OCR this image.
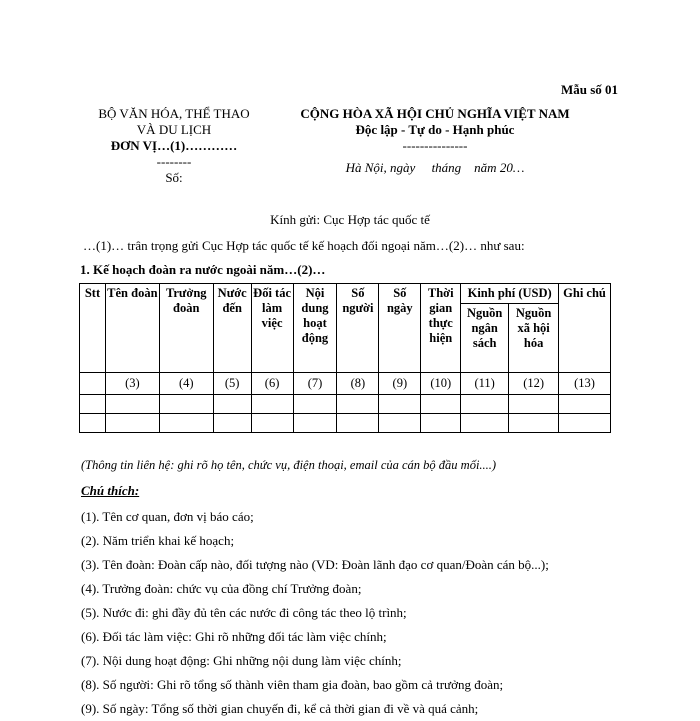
Mẫu số 01
BỘ VĂN HÓA, THỂ THAO
VÀ DU LỊCH
ĐƠN VỊ…(1)…………
--------
Số:
CỘNG HÒA XÃ HỘI CHỦ NGHĨA VIỆT NAM
Độc lập - Tự do - Hạnh phúc
---------------
Hà Nội, ngày     tháng    năm 20…
Kính gửi: Cục Hợp tác quốc tế
…(1)… trân trọng gửi Cục Hợp tác quốc tế kế hoạch đối ngoại năm…(2)… như sau:
1. Kế hoạch đoàn ra nước ngoài năm…(2)…
Stt	Tên đoàn	Trưởng đoàn	Nước đến	Đối tác làm việc	Nội dung hoạt động	Số người	Số ngày	Thời gian thực hiện	Kinh phí (USD)		Ghi chú
									Nguồn ngân sách	Nguồn xã hội hóa	
	(3)	(4)	(5)	(6)	(7)	(8)	(9)	(10)	(11)	(12)	(13)

(Thông tin liên hệ: ghi rõ họ tên, chức vụ, điện thoại, email của cán bộ đầu mối....)
Chú thích:
(1). Tên cơ quan, đơn vị báo cáo;
(2). Năm triển khai kế hoạch;
(3). Tên đoàn: Đoàn cấp nào, đối tượng nào (VD: Đoàn lãnh đạo cơ quan/Đoàn cán bộ...);
(4). Trưởng đoàn: chức vụ của đồng chí Trưởng đoàn;
(5). Nước đi: ghi đầy đủ tên các nước đi công tác theo lộ trình;
(6). Đối tác làm việc: Ghi rõ những đối tác làm việc chính;
(7). Nội dung hoạt động: Ghi những nội dung làm việc chính;
(8). Số người: Ghi rõ tổng số thành viên tham gia đoàn, bao gồm cả trưởng đoàn;
(9). Số ngày: Tổng số thời gian chuyến đi, kể cả thời gian đi về và quá cảnh;
